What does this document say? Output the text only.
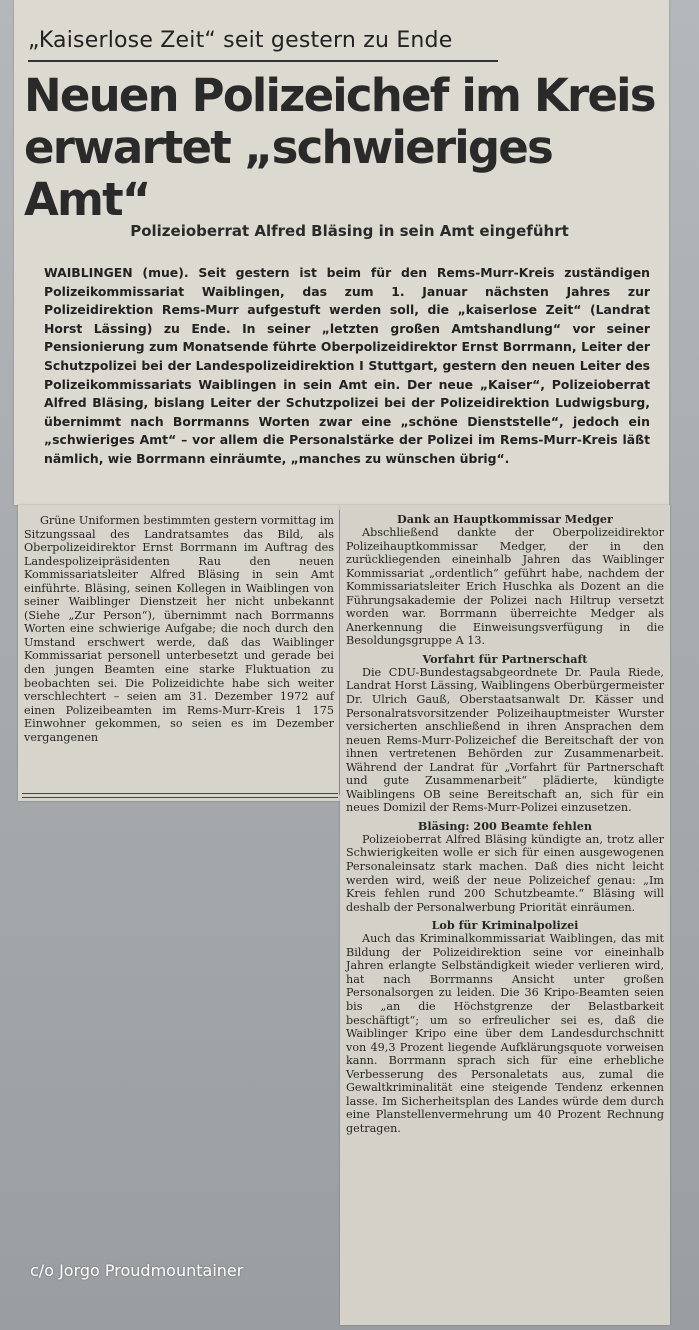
„Kaiserlose Zeit“ seit gestern zu Ende
Neuen Polizeichef im Kreis
erwartet „schwieriges Amt“
Polizeioberrat Alfred Bläsing in sein Amt eingeführt
WAIBLINGEN (mue). Seit gestern ist beim für den Rems-Murr-Kreis zuständigen Polizeikommissariat Waiblingen, das zum 1. Januar nächsten Jahres zur Polizeidirektion Rems-Murr aufgestuft werden soll, die „kaiserlose Zeit“ (Landrat Horst Lässing) zu Ende. In seiner „letzten großen Amtshandlung“ vor seiner Pensionierung zum Monatsende führte Oberpolizeidirektor Ernst Borrmann, Leiter der Schutzpolizei bei der Landespolizeidirektion I Stuttgart, gestern den neuen Leiter des Polizeikommissariats Waiblingen in sein Amt ein. Der neue „Kaiser“, Polizeioberrat Alfred Bläsing, bislang Leiter der Schutzpolizei bei der Polizeidirektion Ludwigsburg, übernimmt nach Borrmanns Worten zwar eine „schöne Dienststelle“, jedoch ein „schwieriges Amt“ – vor allem die Personalstärke der Polizei im Rems-Murr-Kreis läßt nämlich, wie Borrmann einräumte, „manches zu wünschen übrig“.

Grüne Uniformen bestimmten gestern vormittag im Sitzungssaal des Landratsamtes das Bild, als Oberpolizeidirektor Ernst Borrmann im Auftrag des Landespolizeipräsidenten Rau den neuen Kommissariatsleiter Alfred Bläsing in sein Amt einführte. Bläsing, seinen Kollegen in Waiblingen von seiner Waiblinger Dienstzeit her nicht unbekannt (Siehe „Zur Person“), übernimmt nach Borrmanns Worten eine schwierige Aufgabe; die noch durch den Umstand erschwert werde, daß das Waiblinger Kommissariat personell unterbesetzt und gerade bei den jungen Beamten eine starke Fluktuation zu beobachten sei. Die Polizeidichte habe sich weiter verschlechtert – seien am 31. Dezember 1972 auf einen Polizeibeamten im Rems-Murr-Kreis 1 175 Einwohner gekommen, so seien es im Dezember vergangenen

Dank an Hauptkommissar Medger

Abschließend dankte der Oberpolizeidirektor Polizeihauptkommissar Medger, der in den zurückliegenden eineinhalb Jahren das Waiblinger Kommissariat „ordentlich“ geführt habe, nachdem der Kommissariatsleiter Erich Huschka als Dozent an die Führungsakademie der Polizei nach Hiltrup versetzt worden war. Borrmann überreichte Medger als Anerkennung die Einweisungsverfügung in die Besoldungsgruppe A 13.

Vorfahrt für Partnerschaft

Die CDU-Bundestagsabgeordnete Dr. Paula Riede, Landrat Horst Lässing, Waiblingens Oberbürgermeister Dr. Ulrich Gauß, Oberstaatsanwalt Dr. Kässer und Personalratsvorsitzender Polizeihauptmeister Wurster versicherten anschließend in ihren Ansprachen dem neuen Rems-Murr-Polizeichef die Bereitschaft der von ihnen vertretenen Behörden zur Zusammenarbeit. Während der Landrat für „Vorfahrt für Partnerschaft und gute Zusammenarbeit“ plädierte, kündigte Waiblingens OB seine Bereitschaft an, sich für ein neues Domizil der Rems-Murr-Polizei einzusetzen.

Bläsing: 200 Beamte fehlen

Polizeioberrat Alfred Bläsing kündigte an, trotz aller Schwierigkeiten wolle er sich für einen ausgewogenen Personaleinsatz stark machen. Daß dies nicht leicht werden wird, weiß der neue Polizeichef genau: „Im Kreis fehlen rund 200 Schutzbeamte.“ Bläsing will deshalb der Personalwerbung Priorität einräumen.

Lob für Kriminalpolizei

Auch das Kriminalkommissariat Waiblingen, das mit Bildung der Polizeidirektion seine vor eineinhalb Jahren erlangte Selbständigkeit wieder verlieren wird, hat nach Borrmanns Ansicht unter großen Personalsorgen zu leiden. Die 36 Kripo-Beamten seien bis „an die Höchstgrenze der Belastbarkeit beschäftigt“; um so erfreulicher sei es, daß die Waiblinger Kripo eine über dem Landesdurchschnitt von 49,3 Prozent liegende Aufklärungsquote vorweisen kann. Borrmann sprach sich für eine erhebliche Verbesserung des Personaletats aus, zumal die Gewaltkriminalität eine steigende Tendenz erkennen lasse. Im Sicherheitsplan des Landes würde dem durch eine Planstellenvermehrung um 40 Prozent Rechnung getragen.

c/o Jorgo Proudmountainer
